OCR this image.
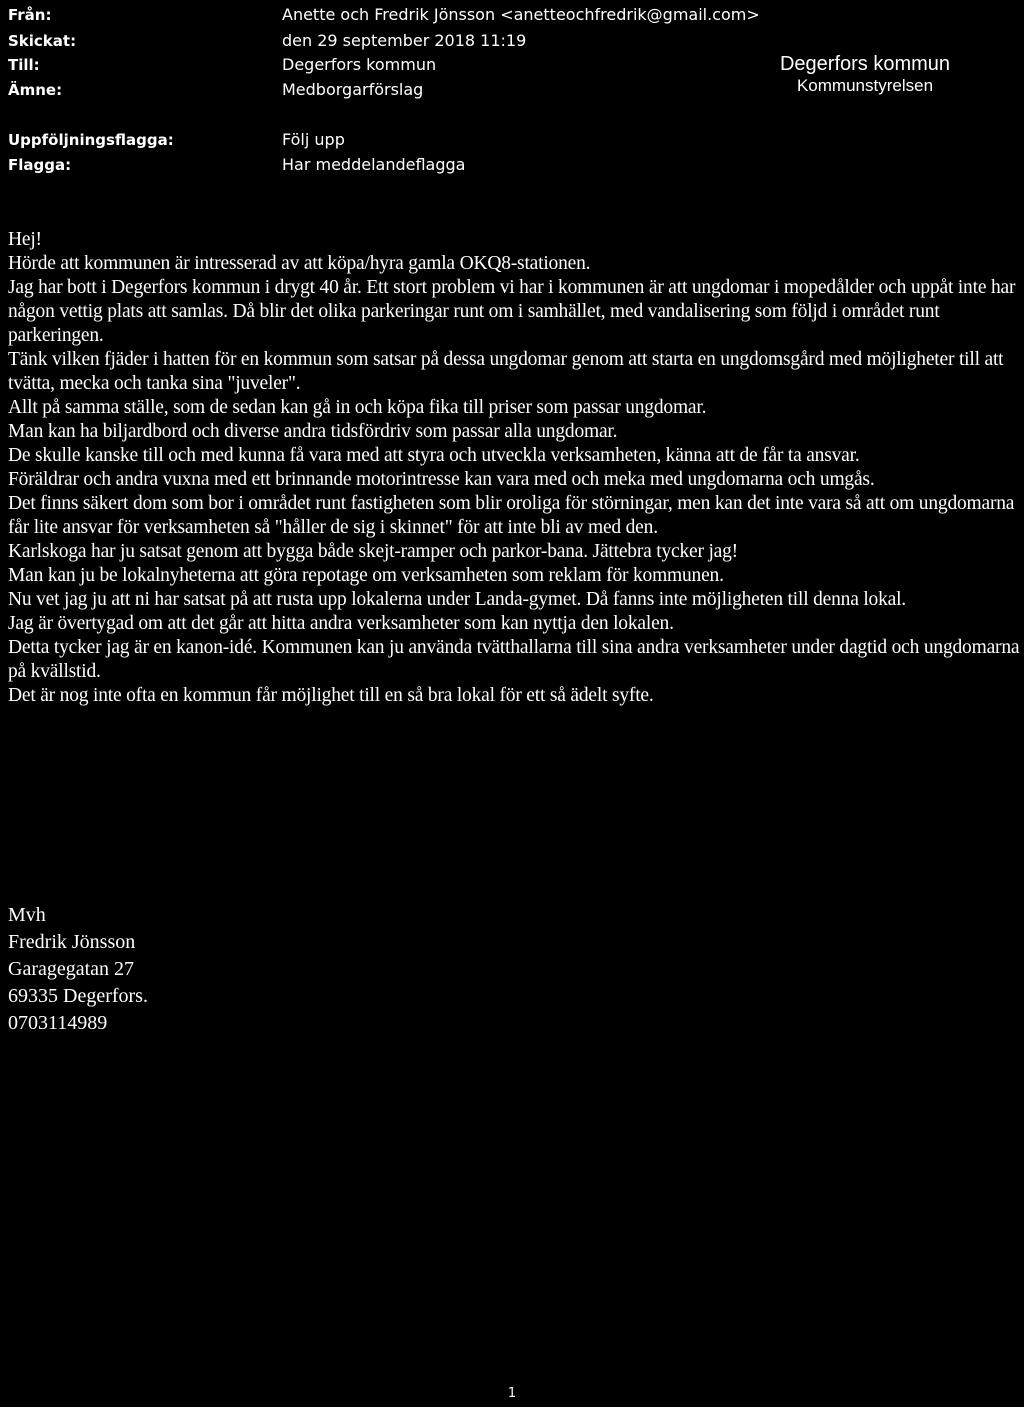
Från:	Anette och Fredrik Jönsson <anetteochfredrik@gmail.com>
Skickat:	den 29 september 2018 11:19
Till:	Degerfors kommun
Ämne:	Medborgarförslag
Uppföljningsflagga:	Följ upp
Flagga:	Har meddelandeflagga
Degerfors kommun
Kommunstyrelsen

Hej!

Hörde att kommunen är intresserad av att köpa/hyra gamla OKQ8-stationen.

Jag har bott i Degerfors kommun i drygt 40 år. Ett stort problem vi har i kommunen är att ungdomar i mopedålder och uppåt inte har någon vettig plats att samlas. Då blir det olika parkeringar runt om i samhället, med vandalisering som följd i området runt parkeringen.

Tänk vilken fjäder i hatten för en kommun som satsar på dessa ungdomar genom att starta en ungdomsgård med möjligheter till att tvätta, mecka och tanka sina "juveler".

Allt på samma ställe, som de sedan kan gå in och köpa fika till priser som passar ungdomar.

Man kan ha biljardbord och diverse andra tidsfördriv som passar alla ungdomar.

De skulle kanske till och med kunna få vara med att styra och utveckla verksamheten, känna att de får ta ansvar.

Föräldrar och andra vuxna med ett brinnande motorintresse kan vara med och meka med ungdomarna och umgås.

Det finns säkert dom som bor i området runt fastigheten som blir oroliga för störningar, men kan det inte vara så att om ungdomarna får lite ansvar för verksamheten så "håller de sig i skinnet" för att inte bli av med den.

Karlskoga har ju satsat genom att bygga både skejt-ramper och parkor-bana. Jättebra tycker jag!

Man kan ju be lokalnyheterna att göra repotage om verksamheten som reklam för kommunen.

Nu vet jag ju att ni har satsat på att rusta upp lokalerna under Landa-gymet. Då fanns inte möjligheten till denna lokal.

Jag är övertygad om att det går att hitta andra verksamheter som kan nyttja den lokalen.

Detta tycker jag är en kanon-idé. Kommunen kan ju använda tvätthallarna till sina andra verksamheter under dagtid och ungdomarna på kvällstid.

Det är nog inte ofta en kommun får möjlighet till en så bra lokal för ett så ädelt syfte.

Mvh
Fredrik Jönsson
Garagegatan 27
69335 Degerfors.
0703114989
1
